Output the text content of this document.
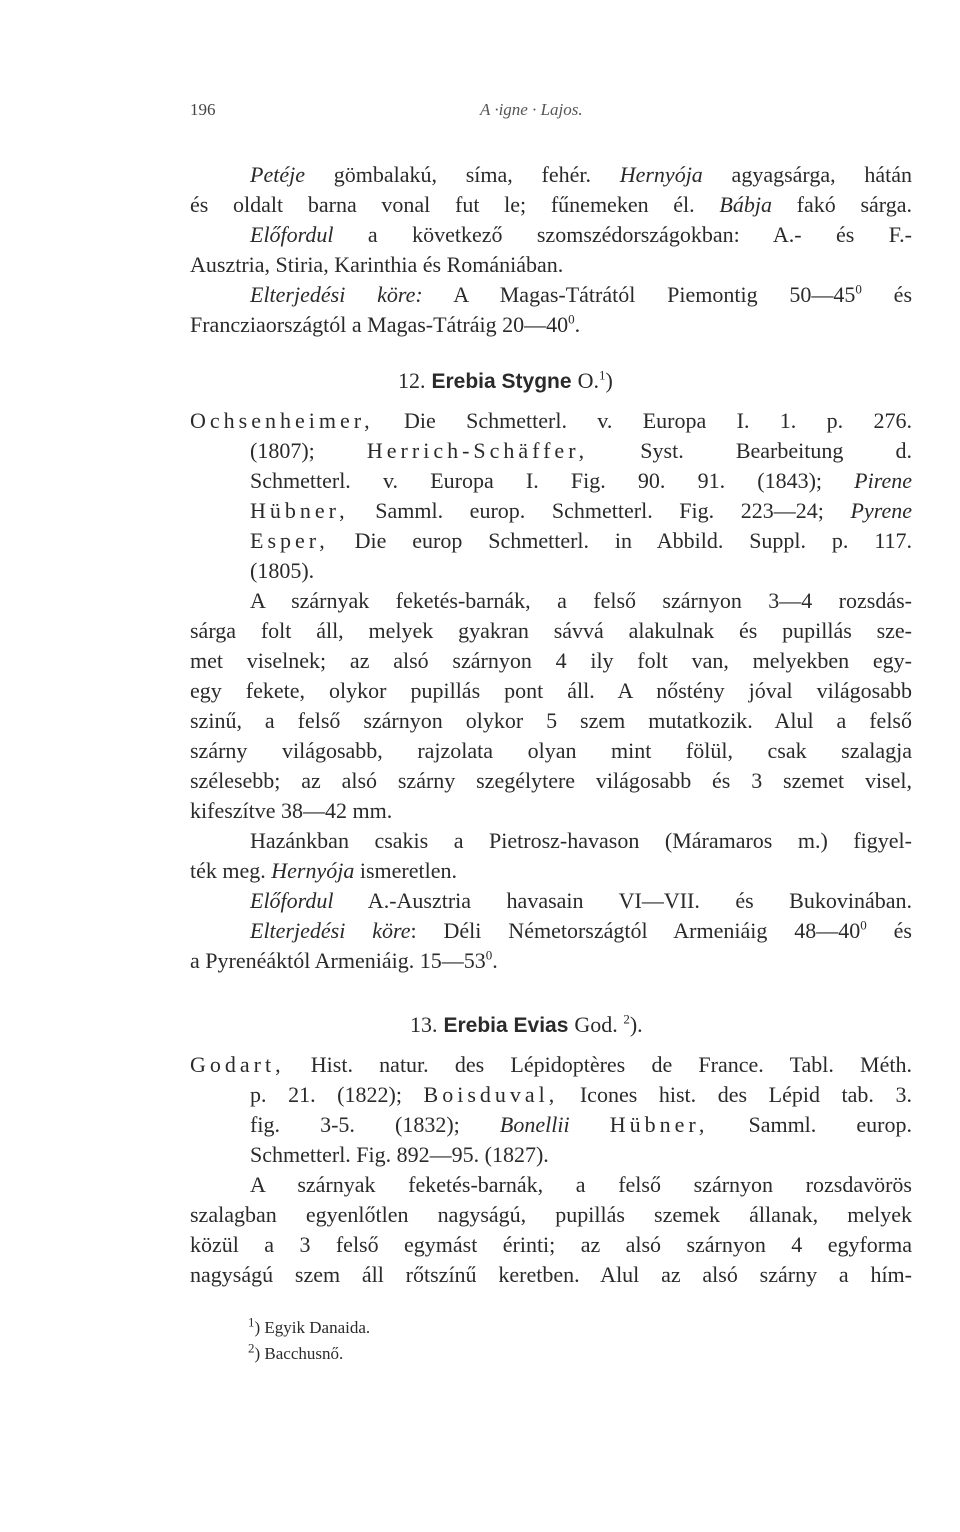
196	A ·igne · Lajos.
Petéje gömbalakú, síma, fehér. Hernyója agyagsárga, hátán
és oldalt barna vonal fut le; fűnemeken él. Bábja fakó sárga.
Előfordul a következő szomszédországokban: A.- és F.-
Ausztria, Stiria, Karinthia és Romániában.
Elterjedési köre: A Magas-Tátrától Piemontig $50—45^0$ és
Francziaországtól a Magas-Tátráig $20—40^0$.
12. Erebia Stygne O.$^1$)
Ochsenheimer, Die Schmetterl. v. Europa I. 1. p. 276.
(1807); Herrich-Schäffer, Syst. Bearbeitung d.
Schmetterl. v. Europa I. Fig. 90. 91. (1843); Pirene
Hübner, Samml. europ. Schmetterl. Fig. 223—24; Pyrene
Esper, Die europ Schmetterl. in Abbild. Suppl. p. 117.
(1805).
A szárnyak feketés-barnák, a felső szárnyon 3—4 rozsdás-
sárga folt áll, melyek gyakran sávvá alakulnak és pupillás sze-
met viselnek; az alsó szárnyon 4 ily folt van, melyekben egy-
egy fekete, olykor pupillás pont áll. A nőstény jóval világosabb
szinű, a felső szárnyon olykor 5 szem mutatkozik. Alul a felső
szárny világosabb, rajzolata olyan mint fölül, csak szalagja
szélesebb; az alsó szárny szegélytere világosabb és 3 szemet visel,
kifeszítve 38—42 mm.
Hazánkban csakis a Pietrosz-havason (Máramaros m.) figyel-
ték meg. Hernyója ismeretlen.
Előfordul A.-Ausztria havasain VI—VII. és Bukovinában.
Elterjedési köre: Déli Németországtól Armeniáig $48—40^0$ és
a Pyrenéáktól Armeniáig. $15—53^0$.
13. Erebia Evias God. $^2$).
Godart, Hist. natur. des Lépidoptères de France. Tabl. Méth.
p. 21. (1822); Boisduval, Icones hist. des Lépid tab. 3.
fig. 3-5. (1832); Bonellii Hübner, Samml. europ.
Schmetterl. Fig. 892—95. (1827).
A szárnyak feketés-barnák, a felső szárnyon rozsdavörös
szalagban egyenlőtlen nagyságú, pupillás szemek állanak, melyek
közül a 3 felső egymást érinti; az alsó szárnyon 4 egyforma
nagyságú szem áll rőtszínű keretben. Alul az alsó szárny a hím-
$^1$) Egyik Danaida.
$^2$) Bacchusnő.
